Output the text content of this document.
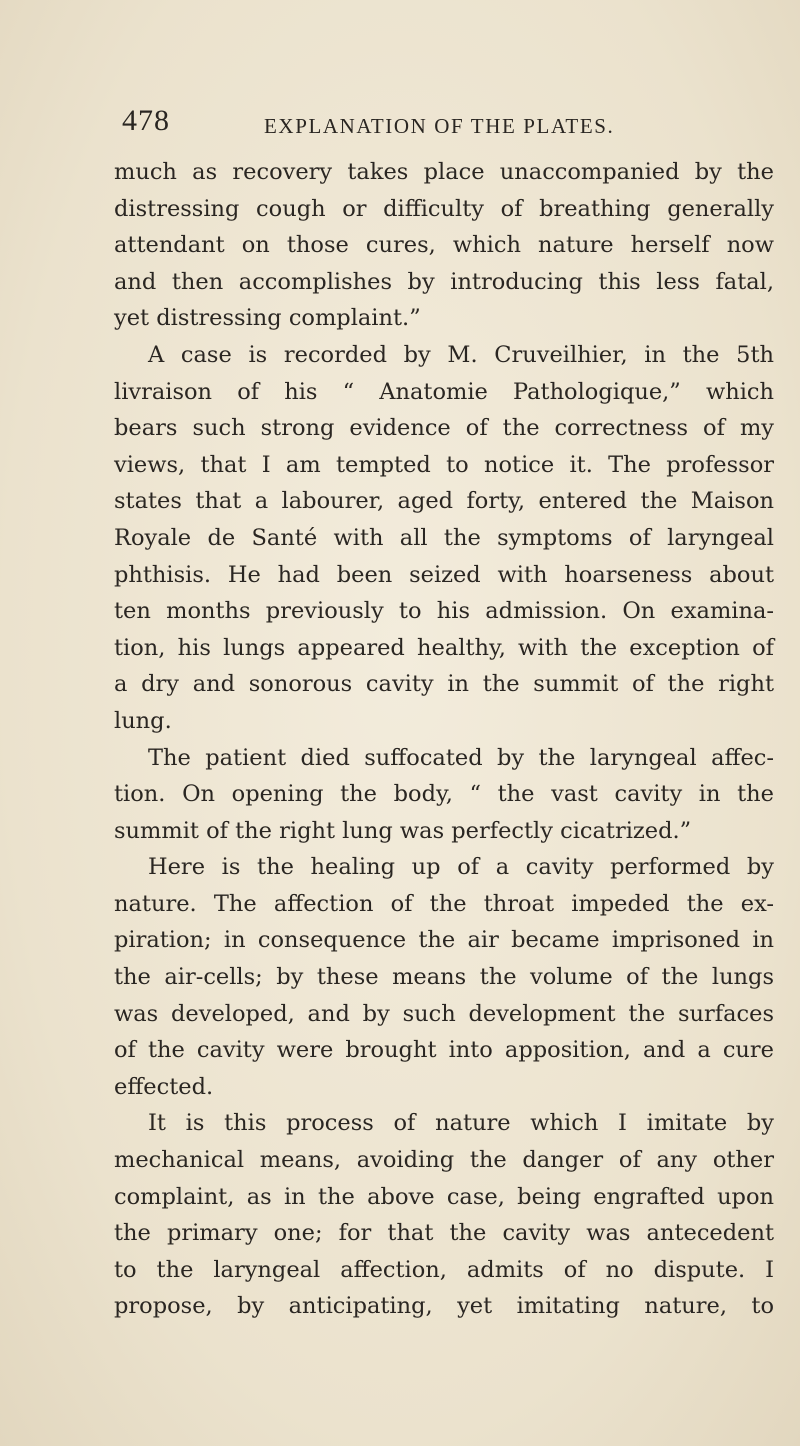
478	EXPLANATION OF THE PLATES.
much as recovery takes place unaccompanied by the
distressing cough or difficulty of breathing generally
attendant on those cures, which nature herself now
and then accomplishes by introducing this less fatal,
yet distressing complaint.”
A case is recorded by M. Cruveilhier, in the 5th
livraison of his “ Anatomie Pathologique,” which
bears such strong evidence of the correctness of my
views, that I am tempted to notice it. The professor
states that a labourer, aged forty, entered the Maison
Royale de Santé with all the symptoms of laryngeal
phthisis. He had been seized with hoarseness about
ten months previously to his admission. On examina-
tion, his lungs appeared healthy, with the exception of
a dry and sonorous cavity in the summit of the right
lung.
The patient died suffocated by the laryngeal affec-
tion. On opening the body, “ the vast cavity in the
summit of the right lung was perfectly cicatrized.”
Here is the healing up of a cavity performed by
nature. The affection of the throat impeded the ex-
piration; in consequence the air became imprisoned in
the air-cells; by these means the volume of the lungs
was developed, and by such development the surfaces
of the cavity were brought into apposition, and a cure
effected.
It is this process of nature which I imitate by
mechanical means, avoiding the danger of any other
complaint, as in the above case, being engrafted upon
the primary one; for that the cavity was antecedent
to the laryngeal affection, admits of no dispute. I
propose, by anticipating, yet imitating nature, to
